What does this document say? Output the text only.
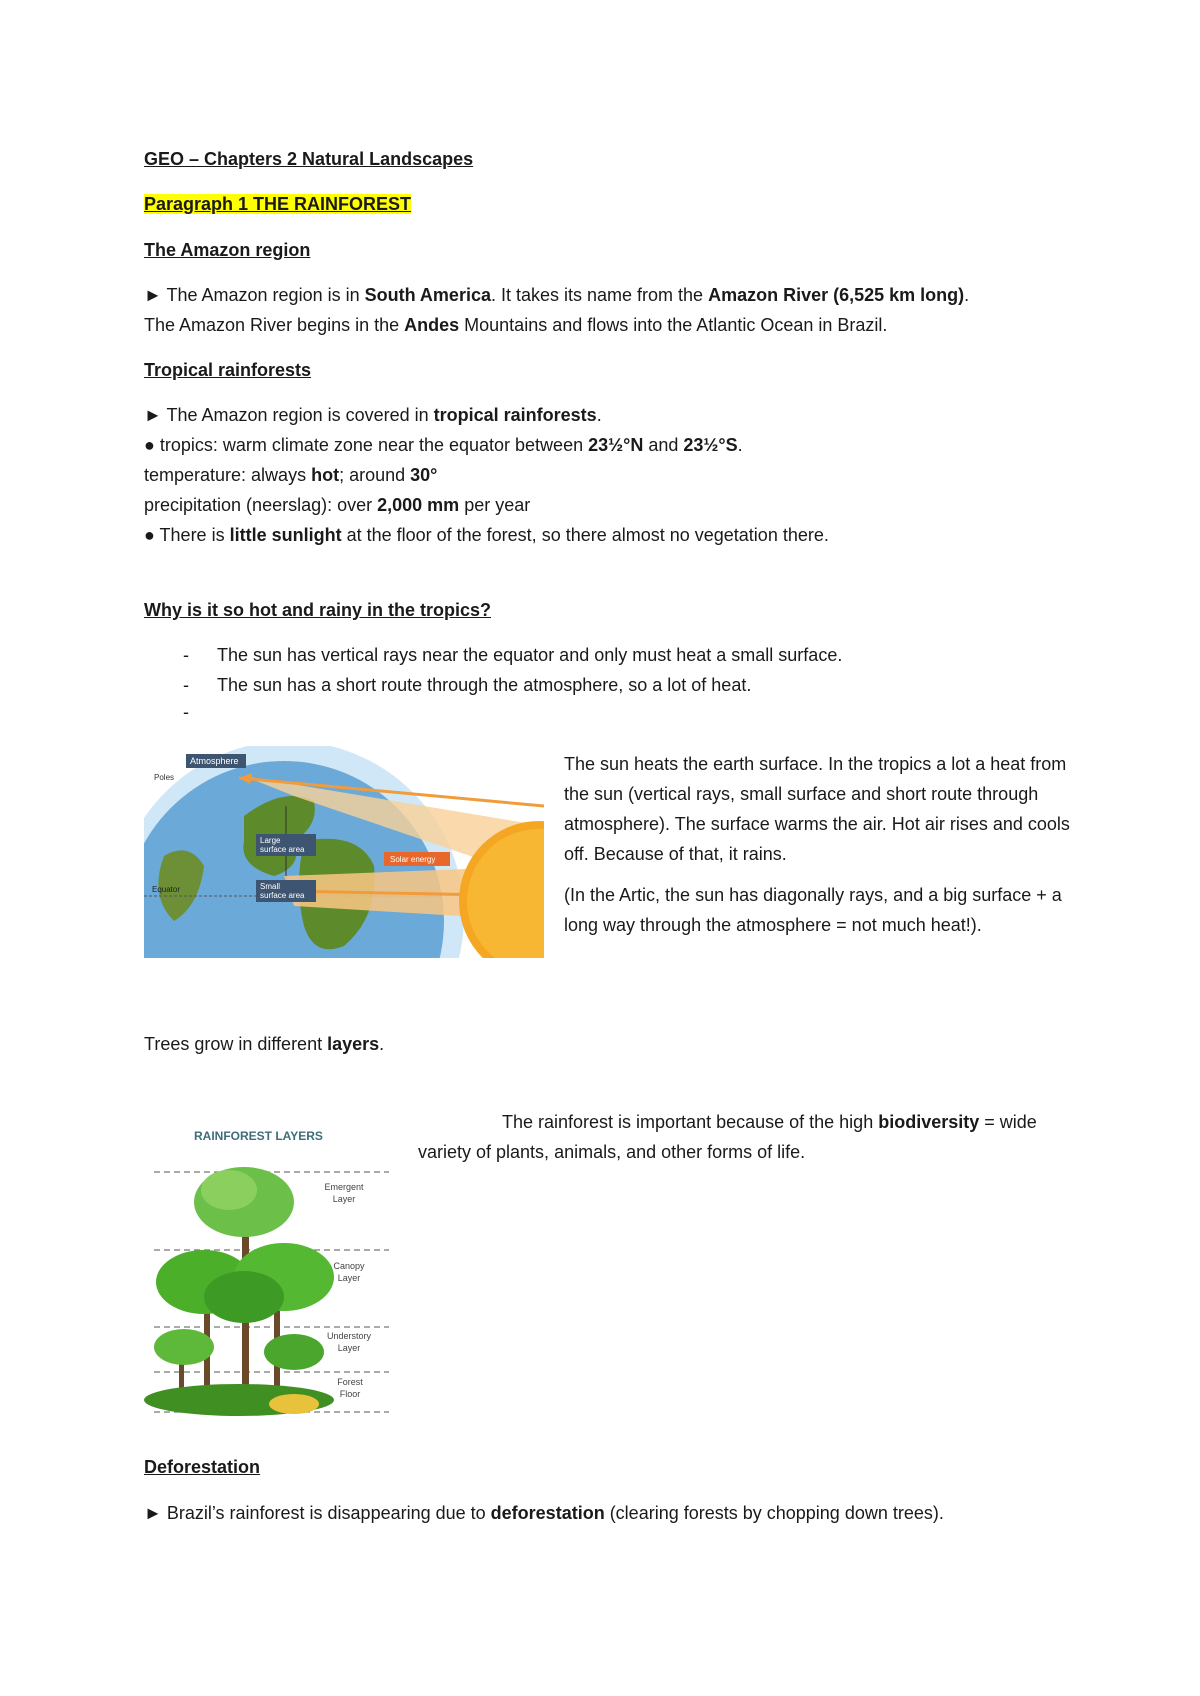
GEO – Chapters 2 Natural Landscapes
Paragraph 1 THE RAINFOREST
The Amazon region
► The Amazon region is in South America. It takes its name from the Amazon River (6,525 km long).
The Amazon River begins in the Andes Mountains and flows into the Atlantic Ocean in Brazil.
Tropical rainforests
► The Amazon region is covered in tropical rainforests.
● tropics: warm climate zone near the equator between 23½°N and 23½°S.
temperature: always hot; around 30°
precipitation (neerslag): over 2,000 mm per year
● There is little sunlight at the floor of the forest, so there almost no vegetation there.
Why is it so hot and rainy in the tropics?
- The sun has vertical rays near the equator and only must heat a small surface.
- The sun has a short route through the atmosphere, so a lot of heat.
-
Atmosphere
Poles
Large
surface area
Small
surface area
Equator
Solar energy
The sun heats the earth surface. In the tropics a lot a heat from the sun (vertical rays, small surface and short route through atmosphere). The surface warms the air. Hot air rises and cools off. Because of that, it rains.
(In the Artic, the sun has diagonally rays, and a big surface + a long way through the atmosphere = not much heat!).
Trees grow in different layers.
The rainforest is important because of the high biodiversity = wide variety of plants, animals, and other forms of life.
RAINFOREST LAYERS
Emergent
Layer
Canopy
Layer
Understory
Layer
Forest
Floor
Deforestation
► Brazil’s rainforest is disappearing due to deforestation (clearing forests by chopping down trees).
